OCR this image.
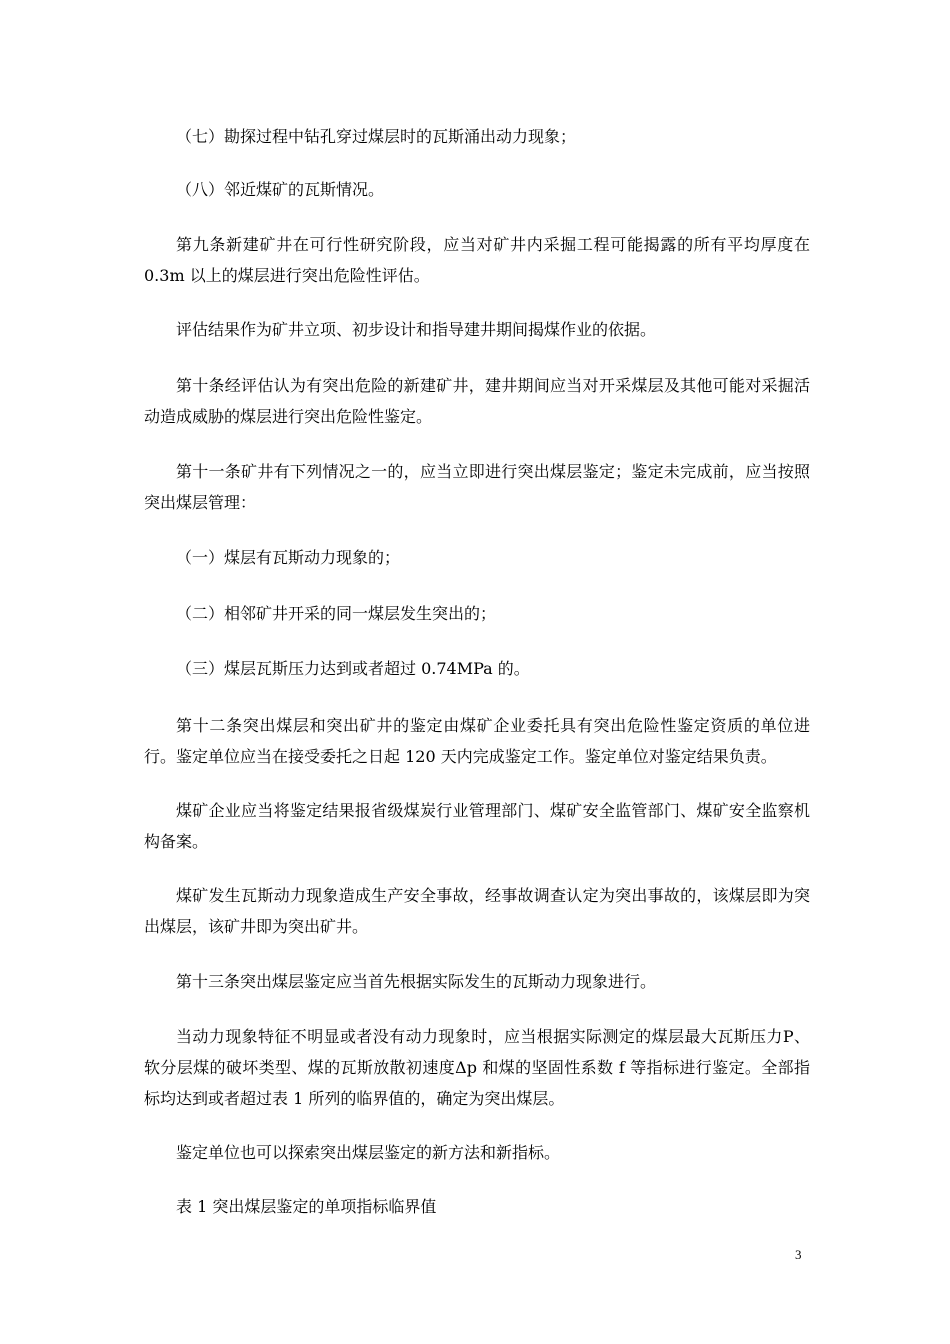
（七）勘探过程中钻孔穿过煤层时的瓦斯涌出动力现象；

（八）邻近煤矿的瓦斯情况。

第九条新建矿井在可行性研究阶段，应当对矿井内采掘工程可能揭露的所有平均厚度在0.3m 以上的煤层进行突出危险性评估。

评估结果作为矿井立项、初步设计和指导建井期间揭煤作业的依据。

第十条经评估认为有突出危险的新建矿井，建井期间应当对开采煤层及其他可能对采掘活动造成威胁的煤层进行突出危险性鉴定。

第十一条矿井有下列情况之一的，应当立即进行突出煤层鉴定；鉴定未完成前，应当按照突出煤层管理：

（一）煤层有瓦斯动力现象的；

（二）相邻矿井开采的同一煤层发生突出的；

（三）煤层瓦斯压力达到或者超过 0.74MPa 的。

第十二条突出煤层和突出矿井的鉴定由煤矿企业委托具有突出危险性鉴定资质的单位进行。鉴定单位应当在接受委托之日起 120 天内完成鉴定工作。鉴定单位对鉴定结果负责。

煤矿企业应当将鉴定结果报省级煤炭行业管理部门、煤矿安全监管部门、煤矿安全监察机构备案。

煤矿发生瓦斯动力现象造成生产安全事故，经事故调查认定为突出事故的，该煤层即为突出煤层，该矿井即为突出矿井。

第十三条突出煤层鉴定应当首先根据实际发生的瓦斯动力现象进行。

当动力现象特征不明显或者没有动力现象时，应当根据实际测定的煤层最大瓦斯压力P、软分层煤的破坏类型、煤的瓦斯放散初速度Δp 和煤的坚固性系数 f 等指标进行鉴定。全部指标均达到或者超过表 1 所列的临界值的，确定为突出煤层。

鉴定单位也可以探索突出煤层鉴定的新方法和新指标。

表 1 突出煤层鉴定的单项指标临界值

3
